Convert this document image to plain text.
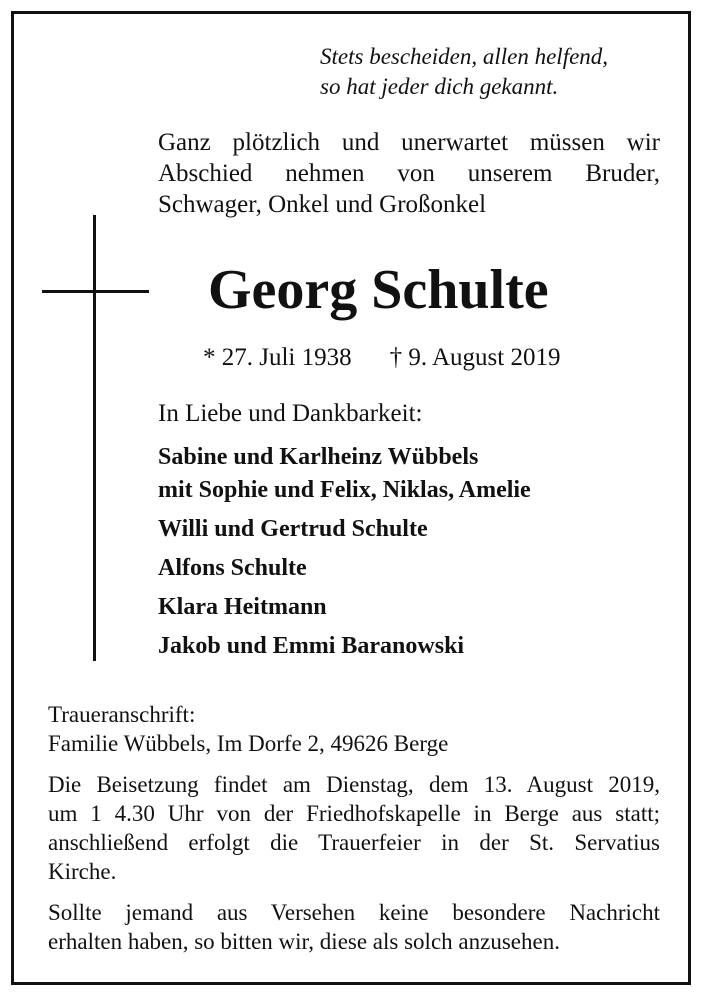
Stets bescheiden, allen helfend,
so hat jeder dich gekannt.
Ganz plötzlich und unerwartet müssen wir
Abschied nehmen von unserem Bruder,
Schwager, Onkel und Großonkel
Georg Schulte
* 27. Juli 1938 † 9. August 2019
In Liebe und Dankbarkeit:
Sabine und Karlheinz Wübbels
mit Sophie und Felix, Niklas, Amelie
Willi und Gertrud Schulte
Alfons Schulte
Klara Heitmann
Jakob und Emmi Baranowski
Traueranschrift:
Familie Wübbels, Im Dorfe 2, 49626 Berge
Die Beisetzung findet am Dienstag, dem 13. August 2019,
um 1 4.30 Uhr von der Friedhofskapelle in Berge aus statt;
anschließend erfolgt die Trauerfeier in der St. Servatius
Kirche.
Sollte jemand aus Versehen keine besondere Nachricht
erhalten haben, so bitten wir, diese als solch anzusehen.
